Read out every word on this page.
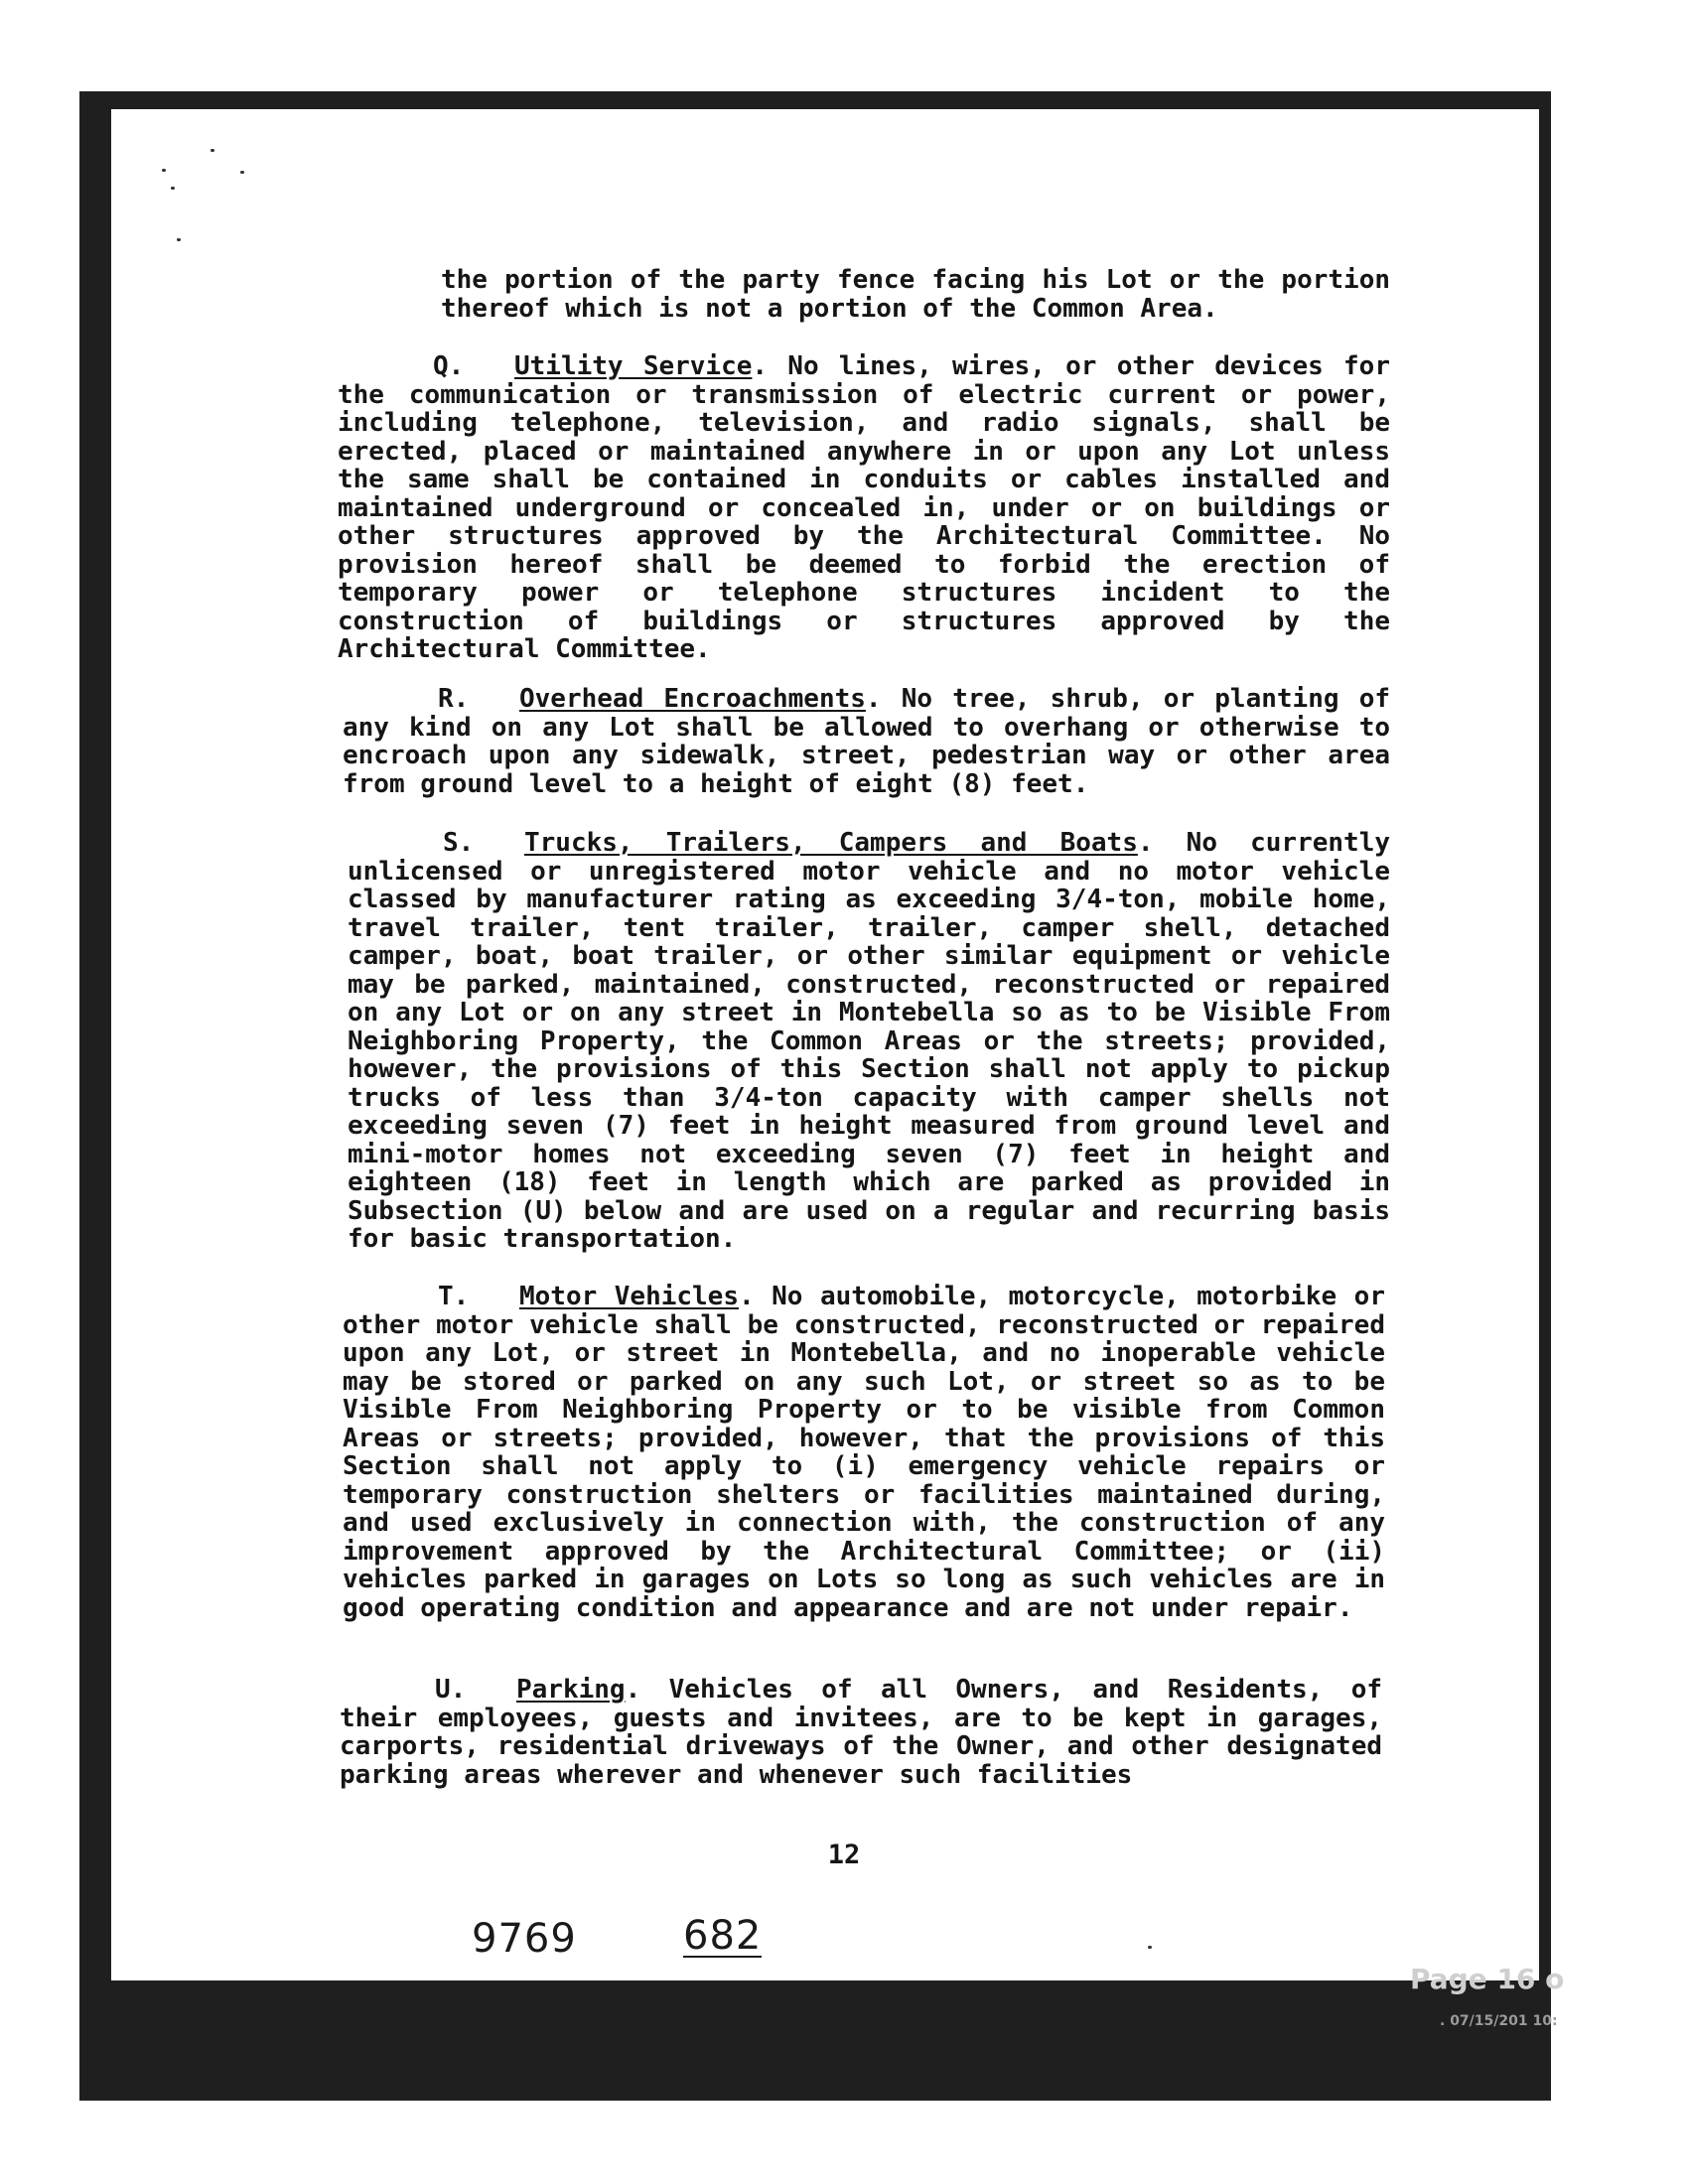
the portion of the party fence facing his Lot or the portion thereof which is not a portion of the Common Area.
Q. Utility Service. No lines, wires, or other devices for the communication or transmission of electric current or power, including telephone, television, and radio signals, shall be erected, placed or maintained anywhere in or upon any Lot unless the same shall be contained in conduits or cables installed and maintained underground or concealed in, under or on buildings or other structures approved by the Architectural Committee. No provision hereof shall be deemed to forbid the erection of temporary power or telephone structures incident to the construction of buildings or structures approved by the Architectural Committee.
R. Overhead Encroachments. No tree, shrub, or planting of any kind on any Lot shall be allowed to overhang or otherwise to encroach upon any sidewalk, street, pedestrian way or other area from ground level to a height of eight (8) feet.
S. Trucks, Trailers, Campers and Boats. No currently unlicensed or unregistered motor vehicle and no motor vehicle classed by manufacturer rating as exceeding 3/4-ton, mobile home, travel trailer, tent trailer, trailer, camper shell, detached camper, boat, boat trailer, or other similar equipment or vehicle may be parked, maintained, constructed, reconstructed or repaired on any Lot or on any street in Montebella so as to be Visible From Neighboring Property, the Common Areas or the streets; provided, however, the provisions of this Section shall not apply to pickup trucks of less than 3/4-ton capacity with camper shells not exceeding seven (7) feet in height measured from ground level and mini-motor homes not exceeding seven (7) feet in height and eighteen (18) feet in length which are parked as provided in Subsection (U) below and are used on a regular and recurring basis for basic transportation.
T. Motor Vehicles. No automobile, motorcycle, motorbike or other motor vehicle shall be constructed, reconstructed or repaired upon any Lot, or street in Montebella, and no inoperable vehicle may be stored or parked on any such Lot, or street so as to be Visible From Neighboring Property or to be visible from Common Areas or streets; provided, however, that the provisions of this Section shall not apply to (i) emergency vehicle repairs or temporary construction shelters or facilities maintained during, and used exclusively in connection with, the construction of any improvement approved by the Architectural Committee; or (ii) vehicles parked in garages on Lots so long as such vehicles are in good operating condition and appearance and are not under repair.
U. Parking. Vehicles of all Owners, and Residents, of their employees, guests and invitees, are to be kept in garages, carports, residential driveways of the Owner, and other designated parking areas wherever and whenever such facilities
12
9769	682
Page 16 of 37
. 07/15/201 10:51 AM
